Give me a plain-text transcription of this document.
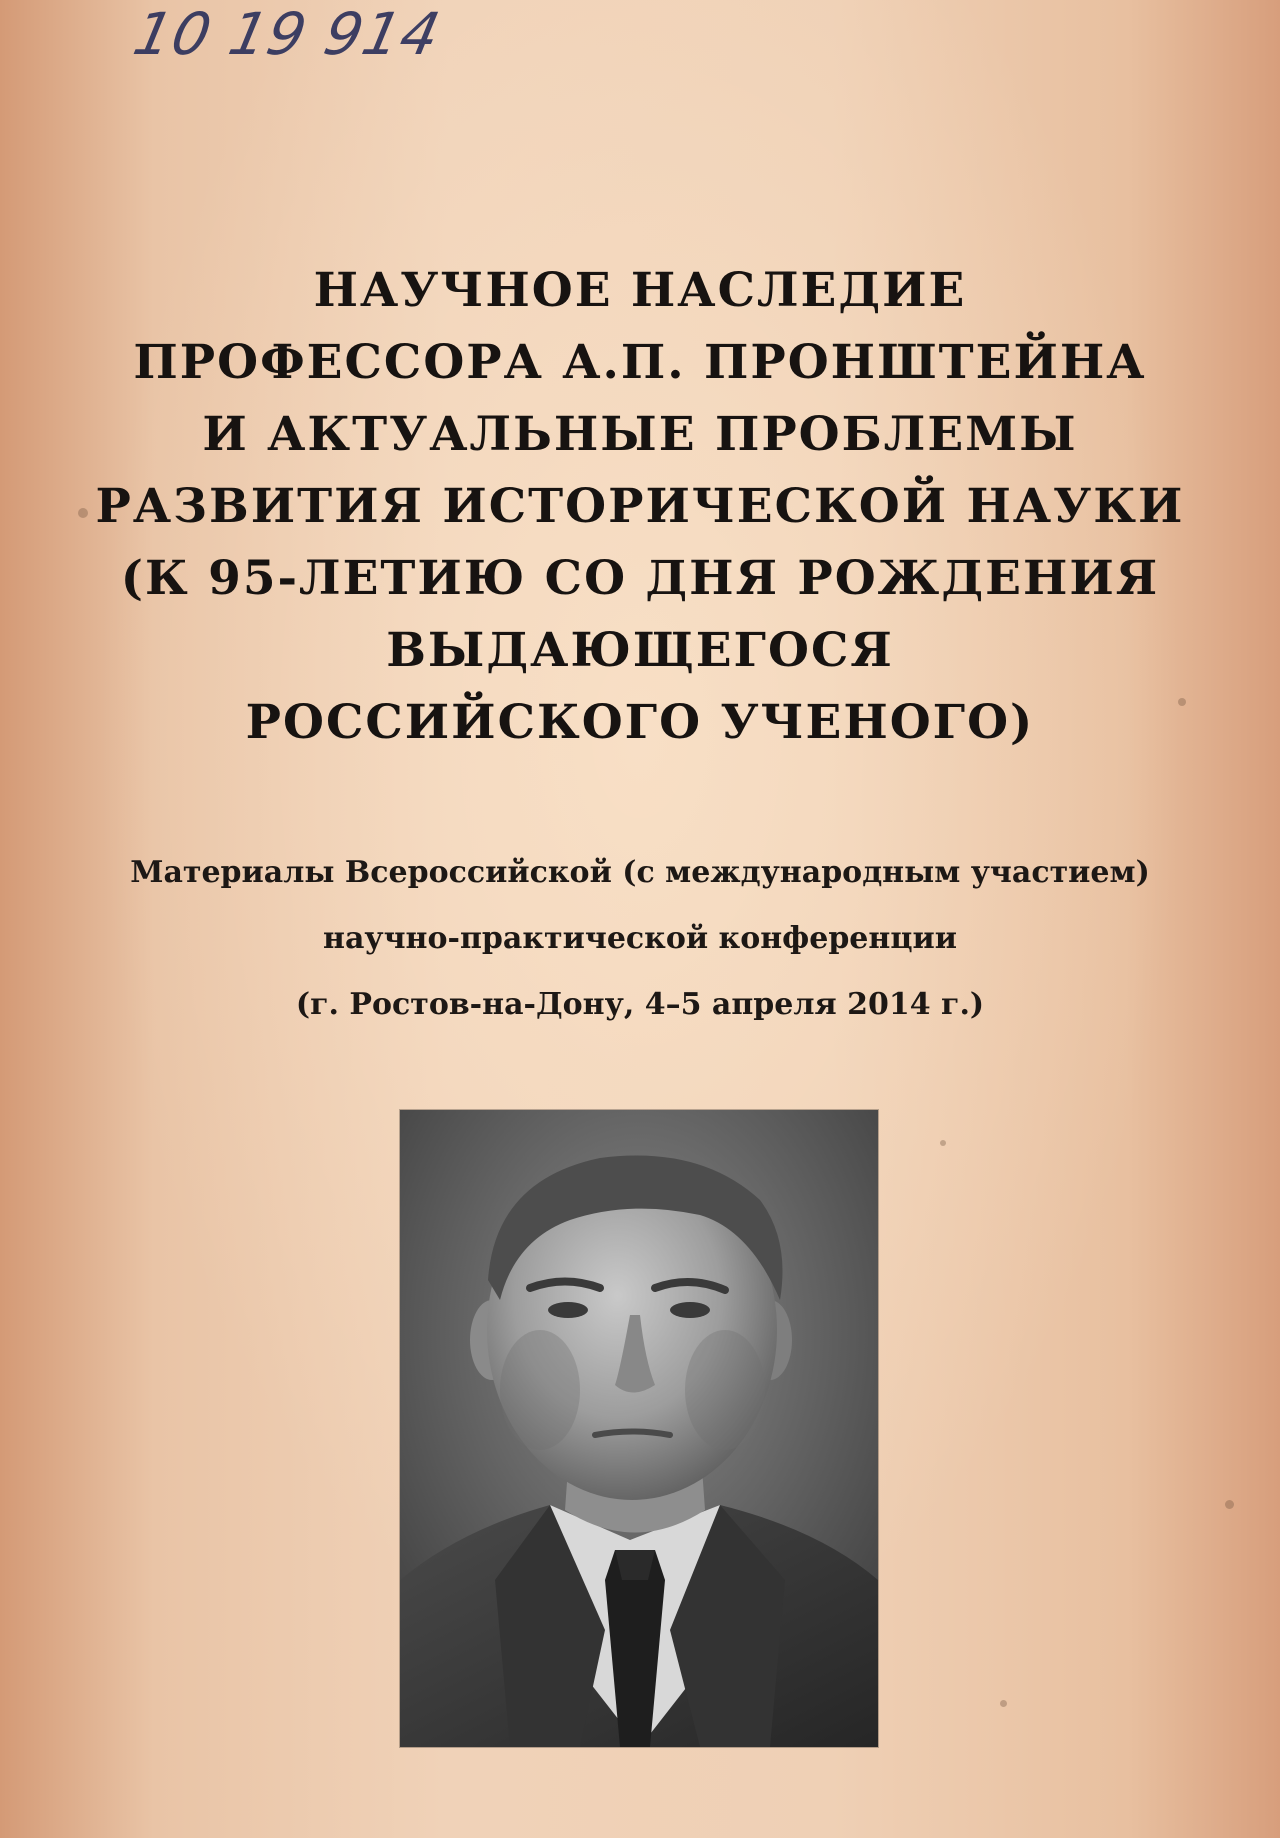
10 19 914
НАУЧНОЕ НАСЛЕДИЕ
ПРОФЕССОРА А.П. ПРОНШТЕЙНА
И АКТУАЛЬНЫЕ ПРОБЛЕМЫ
РАЗВИТИЯ ИСТОРИЧЕСКОЙ НАУКИ
(К 95-ЛЕТИЮ СО ДНЯ РОЖДЕНИЯ
ВЫДАЮЩЕГОСЯ
РОССИЙСКОГО УЧЕНОГО)
Материалы Всероссийской (с международным участием)
научно-практической конференции
(г. Ростов-на-Дону, 4–5 апреля 2014 г.)
